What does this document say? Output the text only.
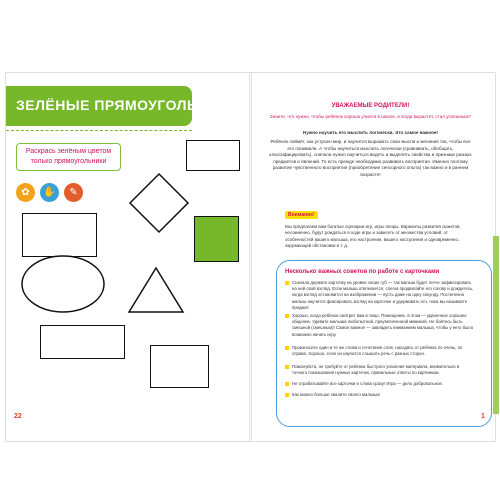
ЗЕЛЁНЫЕ ПРЯМОУГОЛЬНИКИ
Раскрась зелёным цветом только прямоугольники
✿	✋	✎
22
УВАЖАЕМЫЕ РОДИТЕЛИ!
Знаете, что нужно, чтобы ребёнок хорошо учился в школе, а когда вырастет, стал успешным?
Нужно научить его мыслить логически. Это самое важное!
Ребёнок поймёт, как устроен мир, и научится выражать свои мысли и желания так, чтобы все его понимали. А чтобы научиться мыслить логически (сравнивать, обобщать, классифицировать), сначала нужно научиться видеть и выделять свойства и признаки разных предметов и явлений. То есть прежде необходимо развивать восприятие. Именно поэтому развитие чувственного восприятия (приобретение сенсорного опыта) так важно и в раннем возрасте!
Внимание!
Мы предлагаем вам богатые сценарии игр, игры-опоры. Варианты развития сюжетов, несомненно, будут рождаться в ходе игры и зависеть от множества условий: от особенностей вашего малыша, его настроения, вашего настроения и одновременно, окружающей обстановки и т. д.
Несколько важных советов по работе с карточками
Сначала держите карточку на уровне своих губ — так малыш будет легче зафиксировать на ней свой взгляд. Если малыш отвлекается, слегка продвигайте его голову и дождитесь, когда взгляд остановится на изображении — пусть даже на одну секунду. Постепенно малыш научится фиксировать взгляд на карточке и удерживать его, пока вы называете предмет.
Хорошо, когда ребёнок смотрит вам в лицо. Помещение, в этом — удвоенное хорошее общение. Удивите малыша любопытной, преувеличенной мимикой. Не бойтесь быть смешной (смешным)! Самое важное — завладеть вниманием малыша, чтобы у него было возможно начать игру.
Произносите один и те же слова и сочетания слов, находясь от ребёнка по очень, по справа. Хорошо, если он научится слышать речь с разных сторон.
Пожалуйста, не требуйте от ребёнка быстрого усвоения материала, внимательно и точного показывания нужных карточек, правильные ответы по картинкам.
Не отрабатывайте все карточки и слова сразу! Игра — дело добровольное.
Как можно больше хвалите своего малыша!
1
